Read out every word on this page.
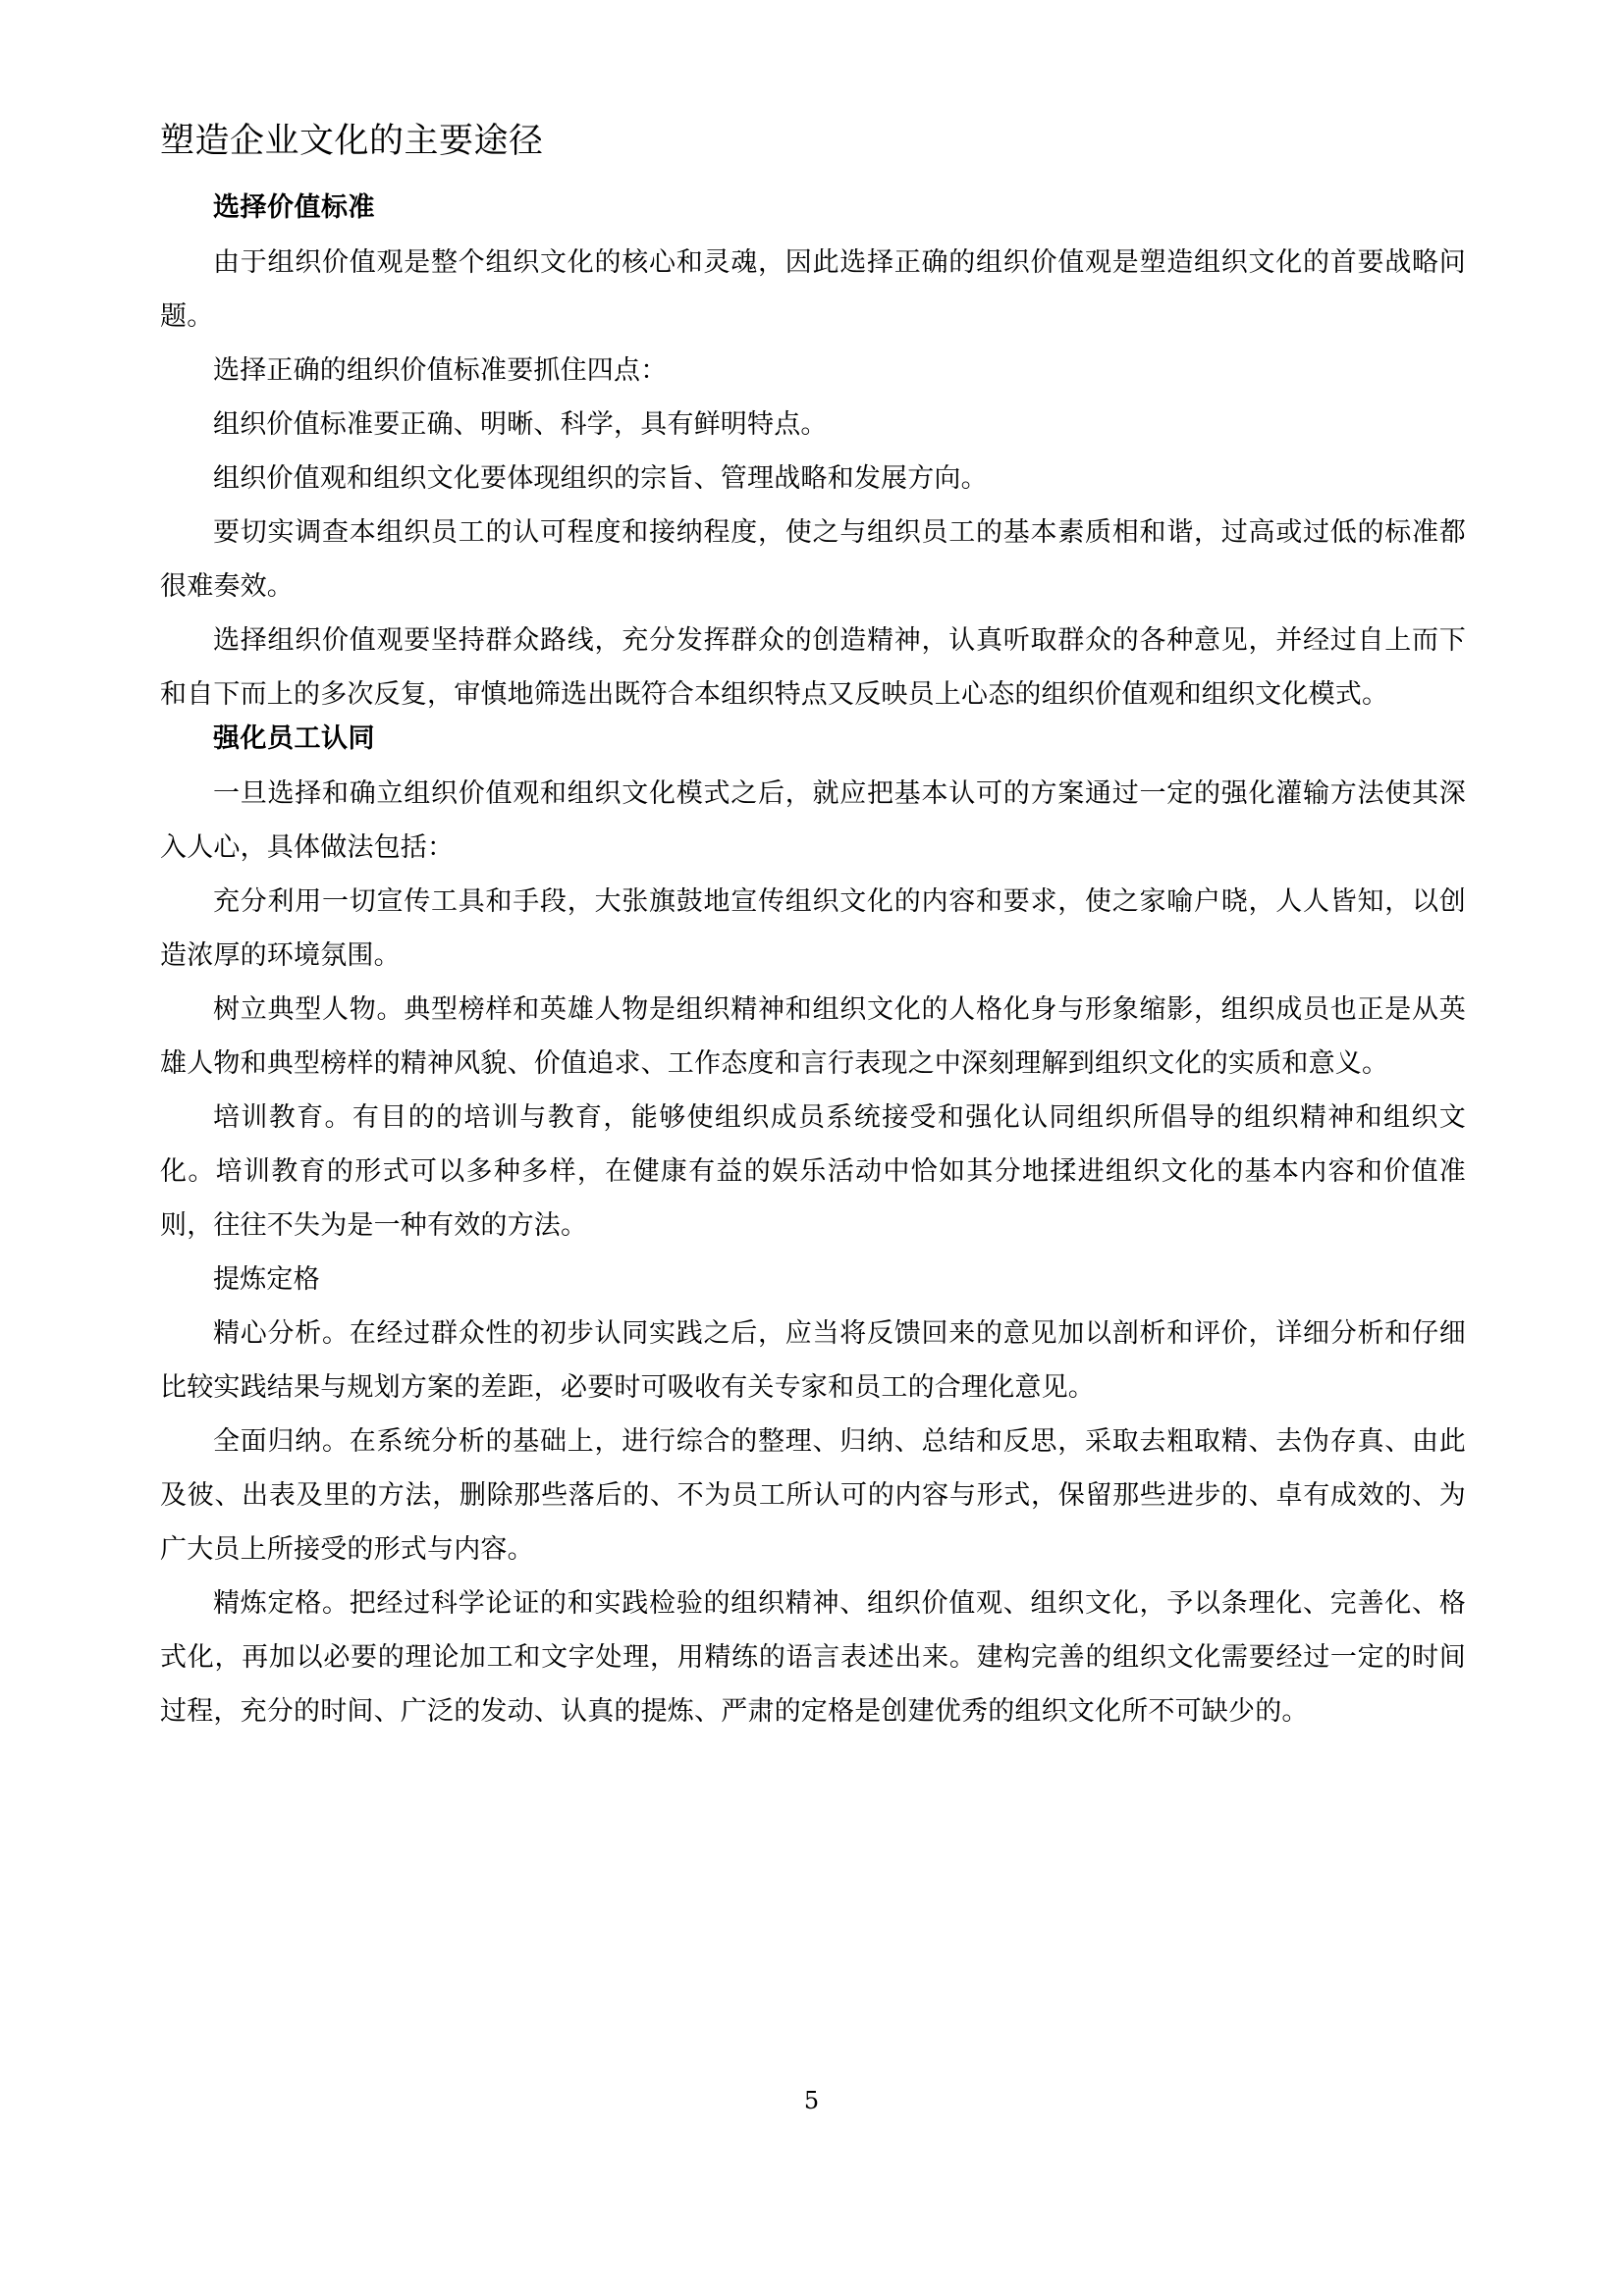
塑造企业文化的主要途径
选择价值标准

由于组织价值观是整个组织文化的核心和灵魂，因此选择正确的组织价值观是塑造组织文化的首要战略问题。

选择正确的组织价值标准要抓住四点：

组织价值标准要正确、明晰、科学，具有鲜明特点。

组织价值观和组织文化要体现组织的宗旨、管理战略和发展方向。

要切实调查本组织员工的认可程度和接纳程度，使之与组织员工的基本素质相和谐，过高或过低的标准都很难奏效。

选择组织价值观要坚持群众路线，充分发挥群众的创造精神，认真听取群众的各种意见，并经过自上而下和自下而上的多次反复，审慎地筛选出既符合本组织特点又反映员上心态的组织价值观和组织文化模式。

强化员工认同

一旦选择和确立组织价值观和组织文化模式之后，就应把基本认可的方案通过一定的强化灌输方法使其深入人心，具体做法包括：

充分利用一切宣传工具和手段，大张旗鼓地宣传组织文化的内容和要求，使之家喻户晓，人人皆知，以创造浓厚的环境氛围。

树立典型人物。典型榜样和英雄人物是组织精神和组织文化的人格化身与形象缩影，组织成员也正是从英雄人物和典型榜样的精神风貌、价值追求、工作态度和言行表现之中深刻理解到组织文化的实质和意义。

培训教育。有目的的培训与教育，能够使组织成员系统接受和强化认同组织所倡导的组织精神和组织文化。培训教育的形式可以多种多样，在健康有益的娱乐活动中恰如其分地揉进组织文化的基本内容和价值准则，往往不失为是一种有效的方法。

提炼定格

精心分析。在经过群众性的初步认同实践之后，应当将反馈回来的意见加以剖析和评价，详细分析和仔细比较实践结果与规划方案的差距，必要时可吸收有关专家和员工的合理化意见。

全面归纳。在系统分析的基础上，进行综合的整理、归纳、总结和反思，采取去粗取精、去伪存真、由此及彼、出表及里的方法，删除那些落后的、不为员工所认可的内容与形式，保留那些进步的、卓有成效的、为广大员上所接受的形式与内容。

精炼定格。把经过科学论证的和实践检验的组织精神、组织价值观、组织文化，予以条理化、完善化、格式化，再加以必要的理论加工和文字处理，用精练的语言表述出来。建构完善的组织文化需要经过一定的时间过程，充分的时间、广泛的发动、认真的提炼、严肃的定格是创建优秀的组织文化所不可缺少的。

5
